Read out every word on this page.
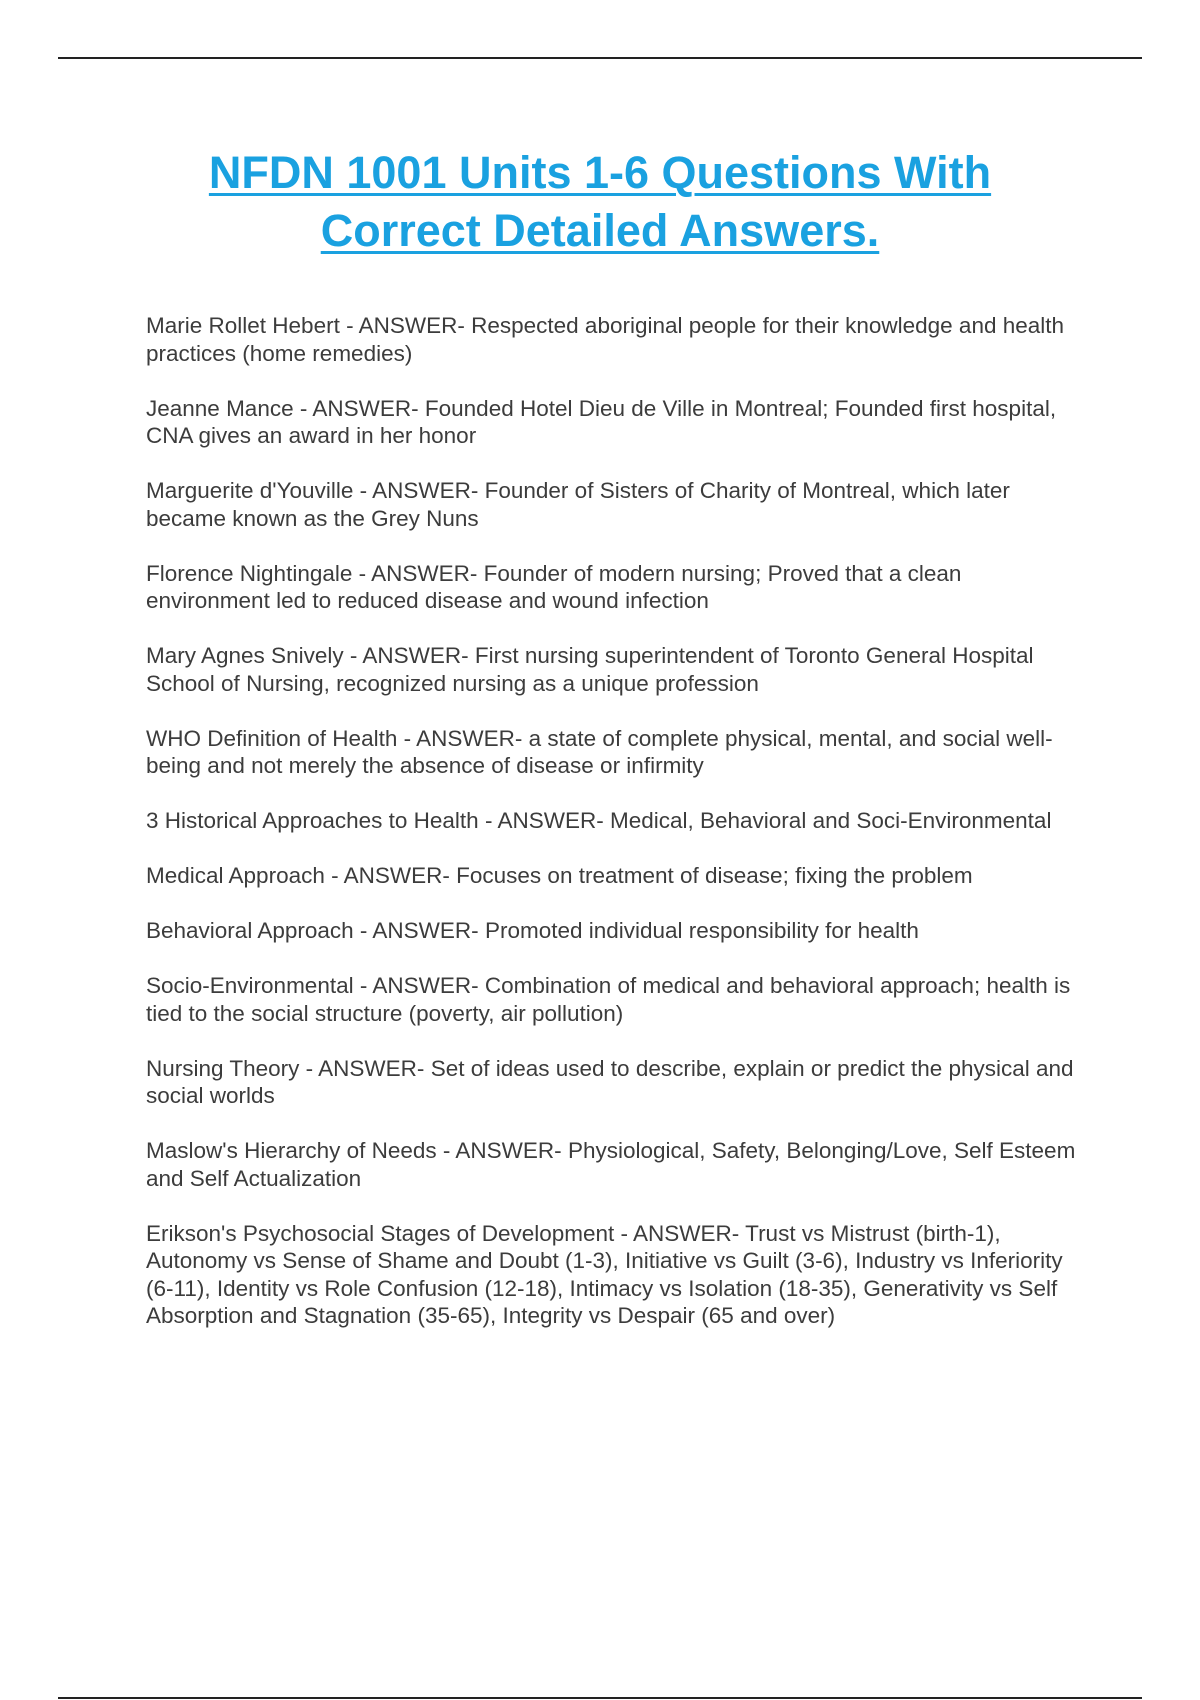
NFDN 1001 Units 1-6 Questions With Correct Detailed Answers.
Marie Rollet Hebert - ANSWER- Respected aboriginal people for their knowledge and health practices (home remedies)
Jeanne Mance - ANSWER- Founded Hotel Dieu de Ville in Montreal; Founded first hospital, CNA gives an award in her honor
Marguerite d'Youville - ANSWER- Founder of Sisters of Charity of Montreal, which later became known as the Grey Nuns
Florence Nightingale - ANSWER- Founder of modern nursing; Proved that a clean environment led to reduced disease and wound infection
Mary Agnes Snively - ANSWER- First nursing superintendent of Toronto General Hospital School of Nursing, recognized nursing as a unique profession
WHO Definition of Health - ANSWER- a state of complete physical, mental, and social well-being and not merely the absence of disease or infirmity
3 Historical Approaches to Health - ANSWER- Medical, Behavioral and Soci-Environmental
Medical Approach - ANSWER- Focuses on treatment of disease; fixing the problem
Behavioral Approach - ANSWER- Promoted individual responsibility for health
Socio-Environmental - ANSWER- Combination of medical and behavioral approach; health is tied to the social structure (poverty, air pollution)
Nursing Theory - ANSWER- Set of ideas used to describe, explain or predict the physical and social worlds
Maslow's Hierarchy of Needs - ANSWER- Physiological, Safety, Belonging/Love, Self Esteem and Self Actualization
Erikson's Psychosocial Stages of Development - ANSWER- Trust vs Mistrust (birth-1), Autonomy vs Sense of Shame and Doubt (1-3), Initiative vs Guilt (3-6), Industry vs Inferiority (6-11), Identity vs Role Confusion (12-18), Intimacy vs Isolation (18-35), Generativity vs Self Absorption and Stagnation (35-65), Integrity vs Despair (65 and over)
